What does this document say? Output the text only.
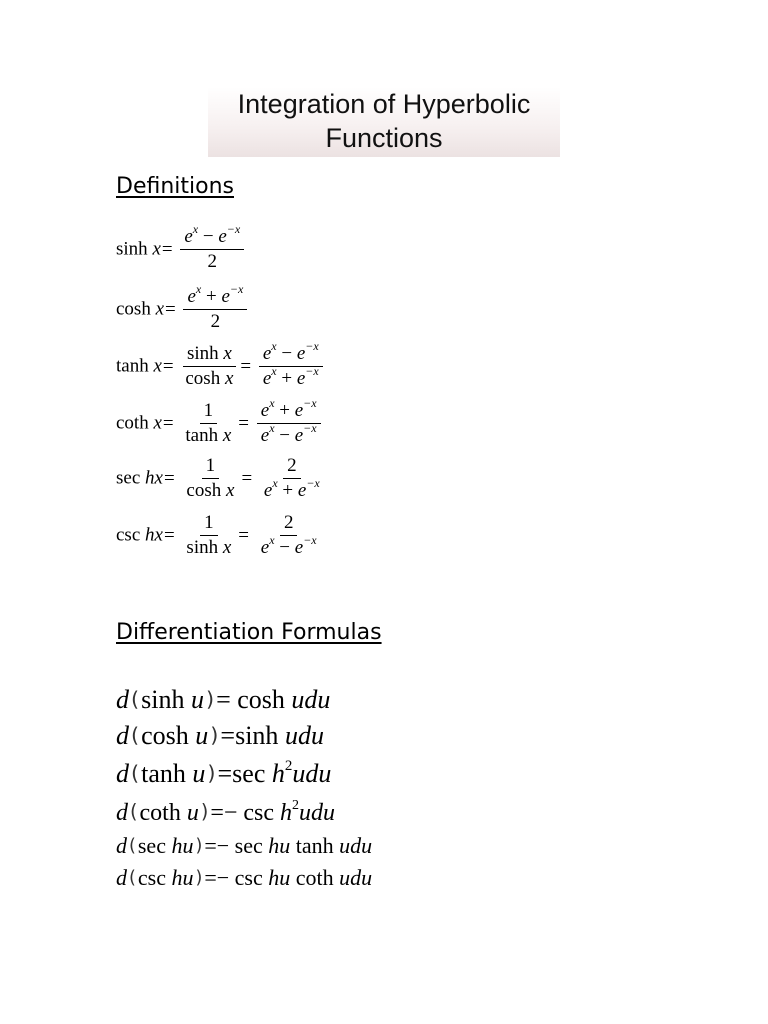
Integration of Hyperbolic
Functions
Definitions
$\sinh x= \frac{e^x - e^{-x}}{2}$
$\cosh x= \frac{e^x + e^{-x}}{2}$
$\tanh x= \frac{\text{sinh x}}{\text{cosh x}} = \frac{e^x - e^{-x}}{e^x + e^{-x}}$
coth $x= \frac{1}{\text{tanh x}} = \frac{e^x + e^{-x}}{e^x - e^{-x}}$
$\sec hx= \frac{1}{\text{cosh x}} = \frac{2}{e^x + e^{-x}}$
$\csc hx= \frac{1}{\text{sinh x}} = \frac{2}{e^x - e^{-x}}$
Differentiation Formulas
d(sinh u)= cosh udu
d(cosh u)=sinh udu
d(tanh u)=sec $h^2udu$
d (coth u )=− $\csc h^2udu$
d (sec hu )=− sec hu tanh udu
d (csc hu )=− csc hu coth udu
